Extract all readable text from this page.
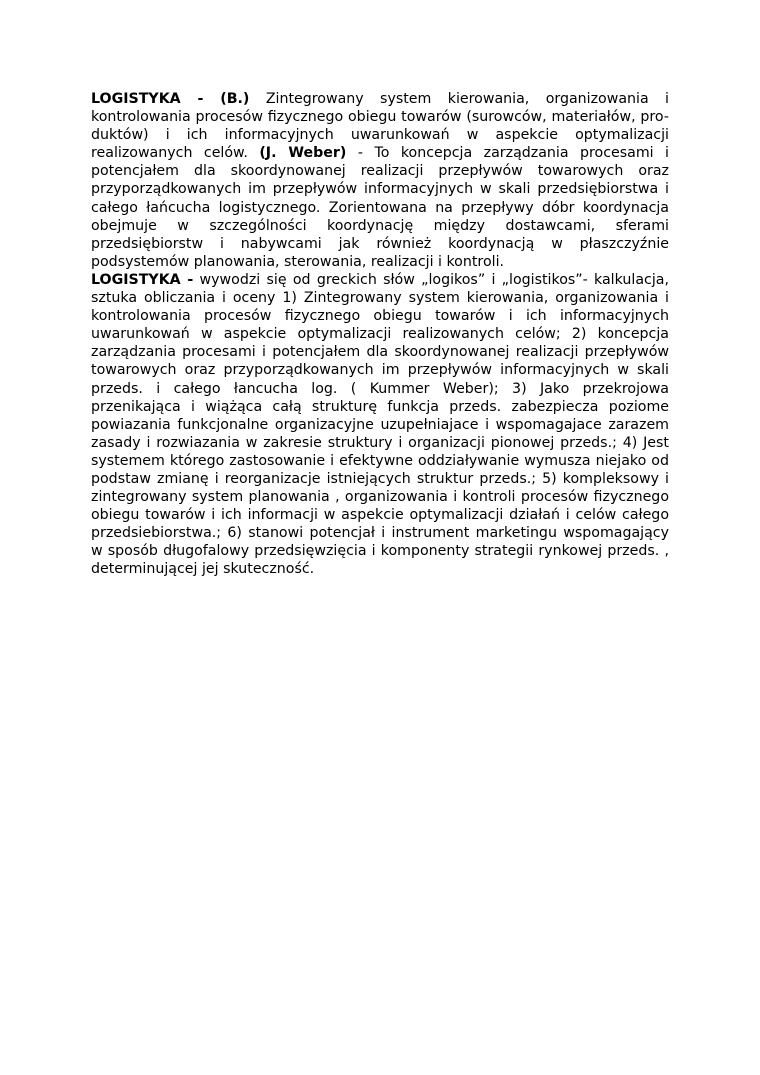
LOGISTYKA - (B.) Zintegrowany system kierowania, organizowania i kontrolowania procesów fizycznego obiegu towarów (surowców, materiałów, pro-duktów) i ich informacyjnych uwarunkowań w aspekcie optymalizacji realizowanych celów. (J. Weber) - To koncepcja zarządzania procesami i potencjałem dla skoordynowanej realizacji przepływów towarowych oraz przyporządkowanych im przepływów informacyjnych w skali przedsiębiorstwa i całego łańcucha logistycznego. Zorientowana na przepływy dóbr koordynacja obejmuje w szczególności koordynację między dostawcami, sferami przedsiębiorstw i nabywcami jak również koordynacją w płaszczyźnie podsystemów planowania, sterowania, realizacji i kontroli.

LOGISTYKA - wywodzi się od greckich słów „logikos” i „logistikos”- kalkulacja, sztuka obliczania i oceny 1) Zintegrowany system kierowania, organizowania i kontrolowania procesów fizycznego obiegu towarów i ich informacyjnych uwarunkowań w aspekcie optymalizacji realizowanych celów; 2) koncepcja zarządzania procesami i potencjałem dla skoordynowanej realizacji przepływów towarowych oraz przyporządkowanych im przepływów informacyjnych w skali przeds. i całego łancucha log. ( Kummer Weber); 3) Jako przekrojowa przenikająca i wiążąca całą strukturę funkcja przeds. zabezpiecza poziome powiazania funkcjonalne organizacyjne uzupełniajace i wspomagajace zarazem zasady i rozwiazania w zakresie struktury i organizacji pionowej przeds.; 4) Jest systemem którego zastosowanie i efektywne oddziaływanie wymusza niejako od podstaw zmianę i reorganizacje istniejących struktur przeds.; 5) kompleksowy i zintegrowany system planowania , organizowania i kontroli procesów fizycznego obiegu towarów i ich informacji w aspekcie optymalizacji działań i celów całego przedsiebiorstwa.; 6) stanowi potencjał i instrument marketingu wspomagający w sposób długofalowy przedsięwzięcia i komponenty strategii rynkowej przeds. , determinującej jej skuteczność.
